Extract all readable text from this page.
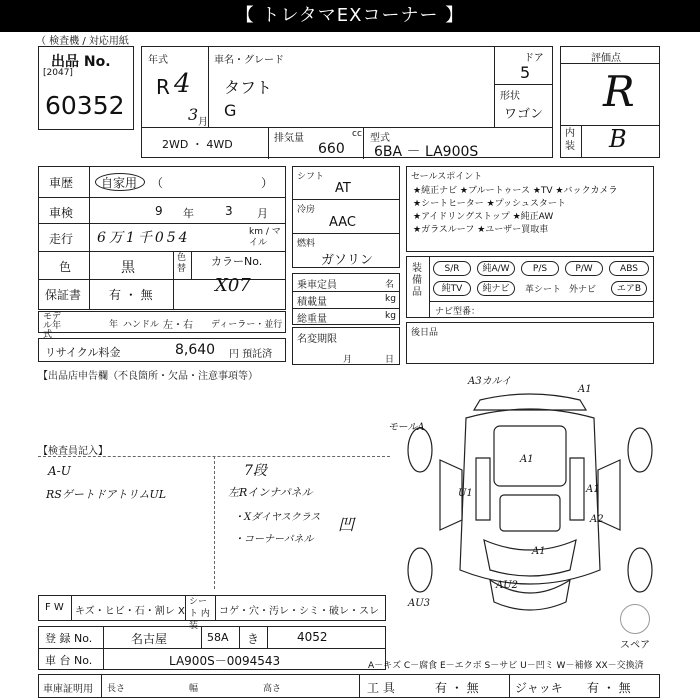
【 トレタマEXコーナー 】
（ 検査機 / 対応用紙
出品 No.
[2047]
60352
年式
R 4
3 月
車名・グレード
タフト
G
ドア
5
形状
ワゴン
2WD ・ 4WD	排気量	cc
660
型式
6BA － LA900S
評価点
R
内装 B
車歴 自家用 （	）
車検	9 年	3 月
走行 6万1千054	km / マイル
色	黒
色替
カラーNo.
X07
保証書 有 ・ 無
モデル年式
年 ハンドル 左・右 ディーラー・並行
リサイクル料金	8,640 円 預託済
【出品店申告欄（不良箇所・欠品・注意事項等）
【検査員記入】
A-U
RSゲートドアトリムUL	左Rインナパネル
・Xダイヤスクラス
・コーナーパネル
凹
7段
F W キズ・ヒビ・石・割レ X
シート 内装
コゲ・穴・汚レ・シミ・破レ・スレ
シフト
AT
冷房
AAC
燃料
ガソリン
乗車定員	名
積載量	kg
総重量	kg
名変期限
月	日
セールスポイント
★純正ナビ ★ブルートゥース ★TV ★バックカメラ
★シートヒーター ★プッシュスタート
★アイドリングストップ ★純正AW
★ガラスルーフ ★ユーザー買取車
装備品
S/R	純A/W	P/S	P/W	ABS
純TV	純ナビ	革シート 外ナビ	エアB
ナビ型番：
後日品
A3カルイ
A1
モールA
A1
U1	A1
A2
AU2
AU3
A1
スペア
登 録 No.	名古屋	58A き	4052
車 台 No.	LA900S－0094543	A－キズ C－腐食 E－エクボ S－サビ U－凹ミ W－補修 XX－交換済
車庫証明用 長さ	幅	高さ	工 具	有 ・ 無	ジャッキ 有 ・ 無
